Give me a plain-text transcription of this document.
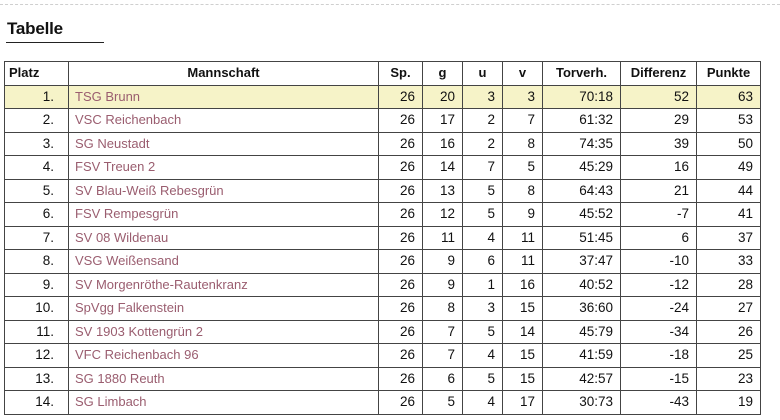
Tabelle
Platz	Mannschaft	Sp.	g	u	v	Torverh.	Differenz	Punkte
1.	TSG Brunn	26	20	3	3	70:18	52	63
2.	VSC Reichenbach	26	17	2	7	61:32	29	53
3.	SG Neustadt	26	16	2	8	74:35	39	50
4.	FSV Treuen 2	26	14	7	5	45:29	16	49
5.	SV Blau-Weiß Rebesgrün	26	13	5	8	64:43	21	44
6.	FSV Rempesgrün	26	12	5	9	45:52	-7	41
7.	SV 08 Wildenau	26	11	4	11	51:45	6	37
8.	VSG Weißensand	26	9	6	11	37:47	-10	33
9.	SV Morgenröthe-Rautenkranz	26	9	1	16	40:52	-12	28
10.	SpVgg Falkenstein	26	8	3	15	36:60	-24	27
11.	SV 1903 Kottengrün 2	26	7	5	14	45:79	-34	26
12.	VFC Reichenbach 96	26	7	4	15	41:59	-18	25
13.	SG 1880 Reuth	26	6	5	15	42:57	-15	23
14.	SG Limbach	26	5	4	17	30:73	-43	19
